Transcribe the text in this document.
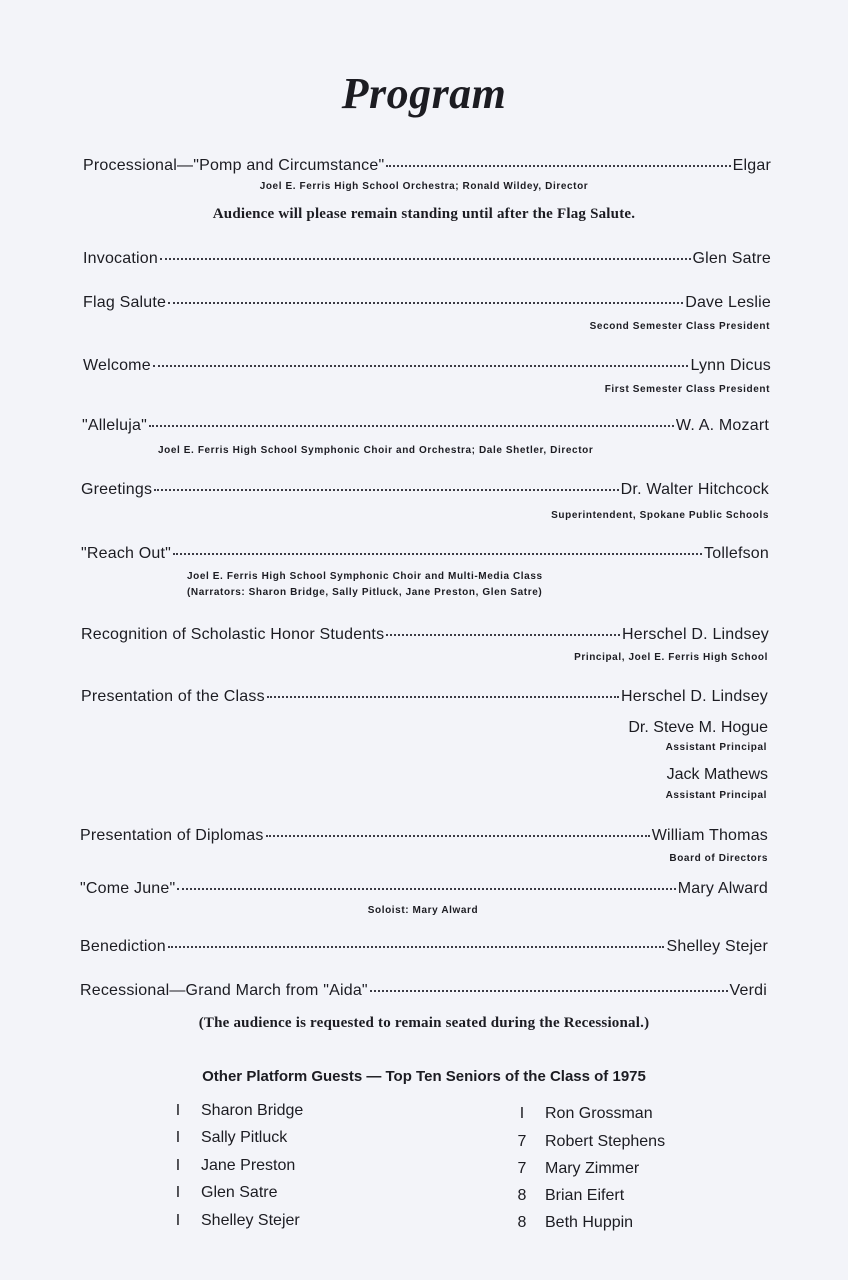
Program
Processional—"Pomp and Circumstance"	Elgar
Joel E. Ferris High School Orchestra; Ronald Wildey, Director
Audience will please remain standing until after the Flag Salute.
Invocation	Glen Satre
Flag Salute	Dave Leslie
Second Semester Class President
Welcome	Lynn Dicus
First Semester Class President
"Alleluja"	W. A. Mozart
Joel E. Ferris High School Symphonic Choir and Orchestra; Dale Shetler, Director
Greetings	Dr. Walter Hitchcock
Superintendent, Spokane Public Schools
"Reach Out"	Tollefson
Joel E. Ferris High School Symphonic Choir and Multi-Media Class
(Narrators: Sharon Bridge, Sally Pitluck, Jane Preston, Glen Satre)
Recognition of Scholastic Honor Students	Herschel D. Lindsey
Principal, Joel E. Ferris High School
Presentation of the Class	Herschel D. Lindsey
Dr. Steve M. Hogue
Assistant Principal
Jack Mathews
Assistant Principal
Presentation of Diplomas	William Thomas
Board of Directors
"Come June"	Mary Alward
Soloist: Mary Alward
Benediction	Shelley Stejer
Recessional—Grand March from "Aida"	Verdi
(The audience is requested to remain seated during the Recessional.)
Other Platform Guests — Top Ten Seniors of the Class of 1975
I Sharon Bridge
I Sally Pitluck
I Jane Preston
I Glen Satre
I Shelley Stejer
I Ron Grossman
7 Robert Stephens
7 Mary Zimmer
8 Brian Eifert
8 Beth Huppin
